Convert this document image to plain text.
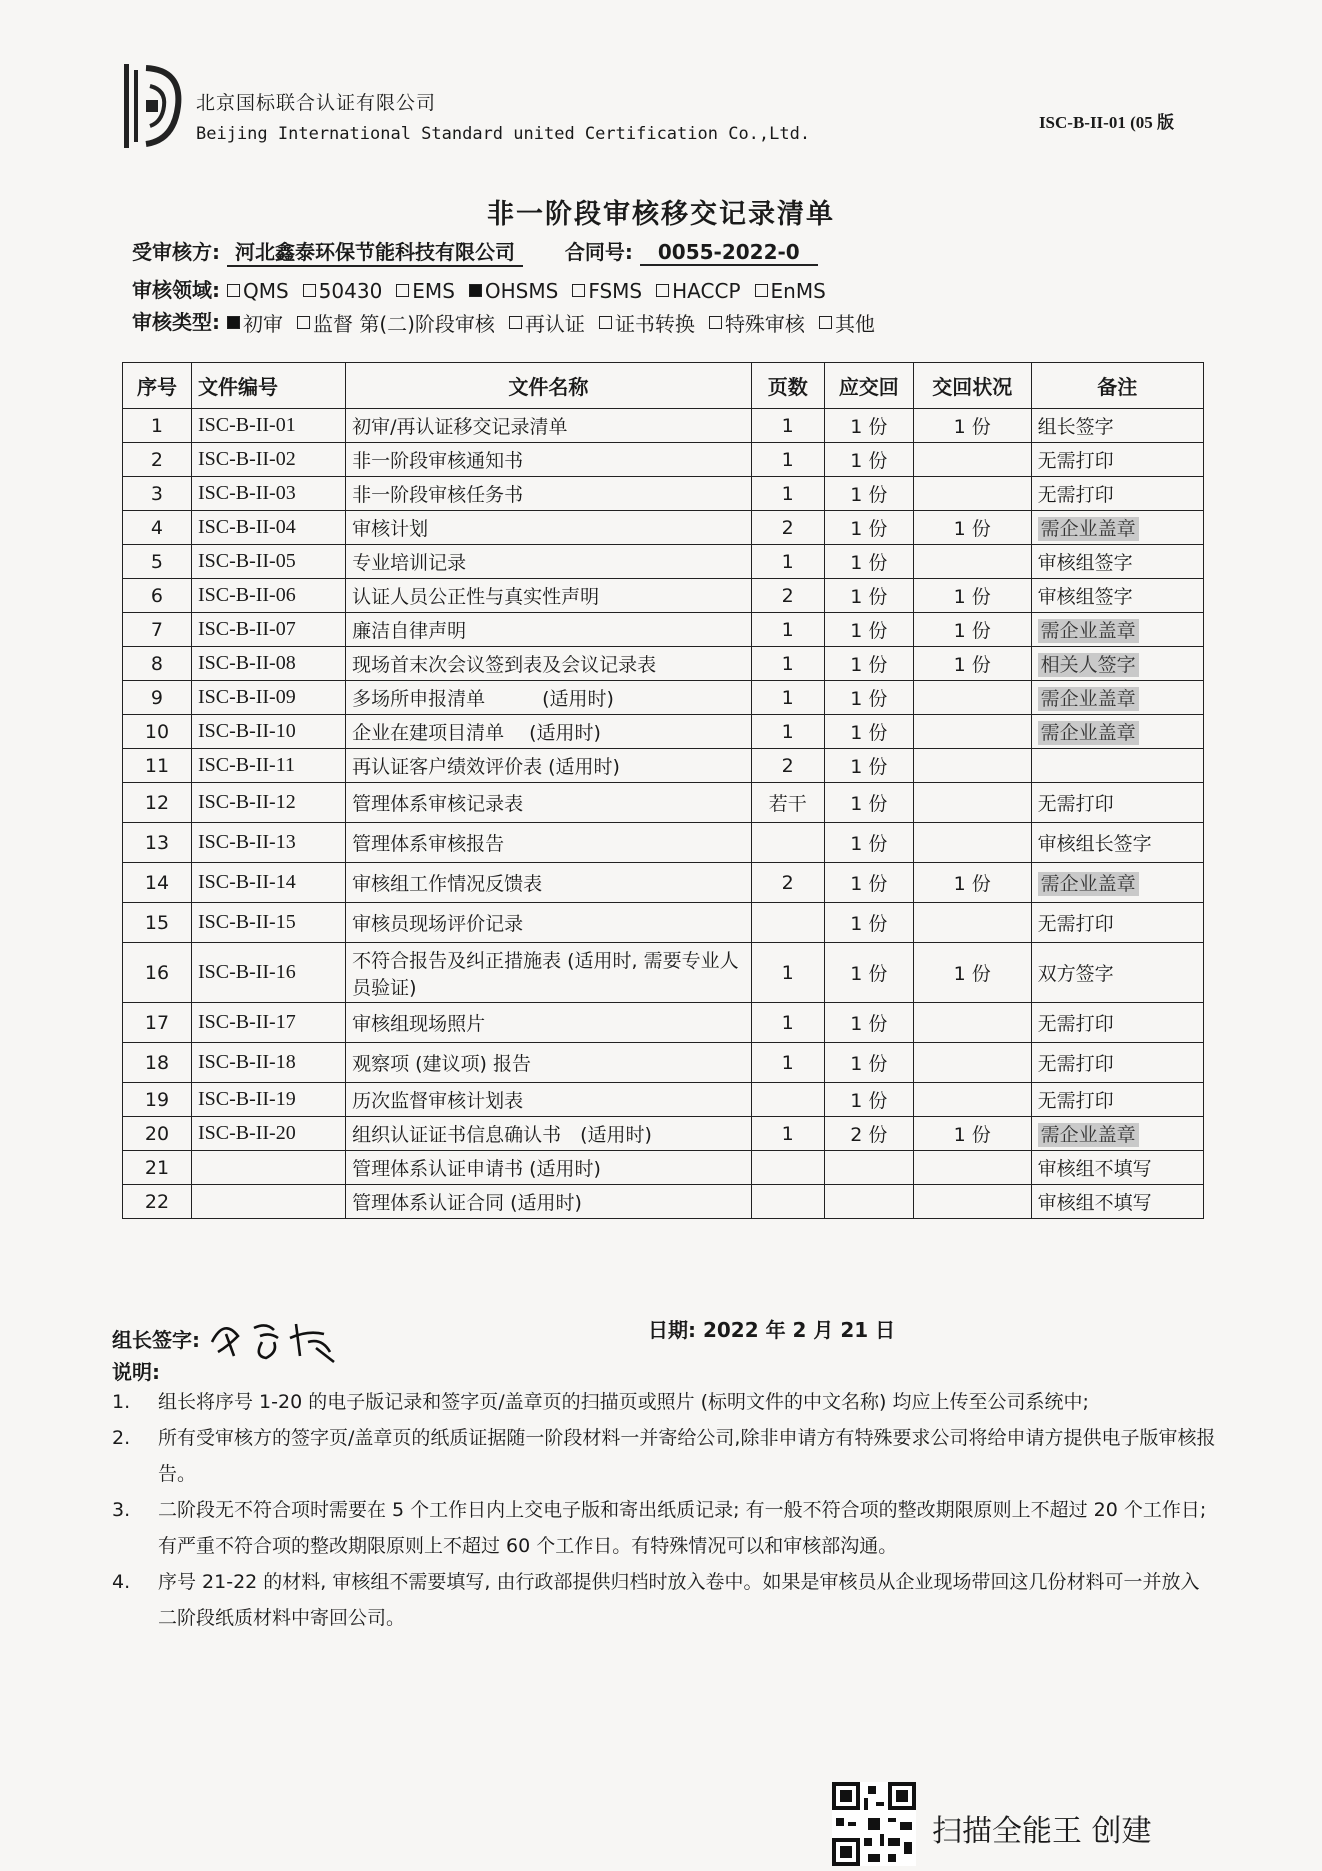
北京国标联合认证有限公司
Beijing International Standard united Certification Co.,Ltd.
ISC-B-II-01 (05 版
非一阶段审核移交记录清单
受审核方: 河北鑫泰环保节能科技有限公司 合同号: 0055-2022-0
审核领域: QMS 50430 EMS OHSMS FSMS HACCP EnMS
审核类型: 初审 监督 第(二)阶段审核 再认证 证书转换 特殊审核 其他
序号	文件编号	文件名称	页数	应交回	交回状况	备注
1	ISC-B-II-01	初审/再认证移交记录清单	1	1 份	1 份	组长签字
2	ISC-B-II-02	非一阶段审核通知书	1	1 份		无需打印
3	ISC-B-II-03	非一阶段审核任务书	1	1 份		无需打印
4	ISC-B-II-04	审核计划	2	1 份	1 份	需企业盖章
5	ISC-B-II-05	专业培训记录	1	1 份		审核组签字
6	ISC-B-II-06	认证人员公正性与真实性声明	2	1 份	1 份	审核组签字
7	ISC-B-II-07	廉洁自律声明	1	1 份	1 份	需企业盖章
8	ISC-B-II-08	现场首末次会议签到表及会议记录表	1	1 份	1 份	相关人签字
9	ISC-B-II-09	多场所申报清单　　　(适用时)	1	1 份		需企业盖章
10	ISC-B-II-10	企业在建项目清单　 (适用时)	1	1 份		需企业盖章
11	ISC-B-II-11	再认证客户绩效评价表 (适用时)	2	1 份		
12	ISC-B-II-12	管理体系审核记录表	若干	1 份		无需打印
13	ISC-B-II-13	管理体系审核报告		1 份		审核组长签字
14	ISC-B-II-14	审核组工作情况反馈表	2	1 份	1 份	需企业盖章
15	ISC-B-II-15	审核员现场评价记录		1 份		无需打印
16	ISC-B-II-16	不符合报告及纠正措施表 (适用时, 需要专业人员验证)	1	1 份	1 份	双方签字
17	ISC-B-II-17	审核组现场照片	1	1 份		无需打印
18	ISC-B-II-18	观察项 (建议项) 报告	1	1 份		无需打印
19	ISC-B-II-19	历次监督审核计划表		1 份		无需打印
20	ISC-B-II-20	组织认证证书信息确认书　(适用时)	1	2 份	1 份	需企业盖章
21		管理体系认证申请书 (适用时)				审核组不填写
22		管理体系认证合同 (适用时)				审核组不填写
组长签字:	日期: 2022 年 2 月 21 日
说明:
1.	组长将序号 1-20 的电子版记录和签字页/盖章页的扫描页或照片 (标明文件的中文名称) 均应上传至公司系统中;
2.	所有受审核方的签字页/盖章页的纸质证据随一阶段材料一并寄给公司,除非申请方有特殊要求公司将给申请方提供电子版审核报告。
3.	二阶段无不符合项时需要在 5 个工作日内上交电子版和寄出纸质记录; 有一般不符合项的整改期限原则上不超过 20 个工作日; 有严重不符合项的整改期限原则上不超过 60 个工作日。有特殊情况可以和审核部沟通。
4.	序号 21-22 的材料, 审核组不需要填写, 由行政部提供归档时放入卷中。如果是审核员从企业现场带回这几份材料可一并放入二阶段纸质材料中寄回公司。
扫描全能王 创建
